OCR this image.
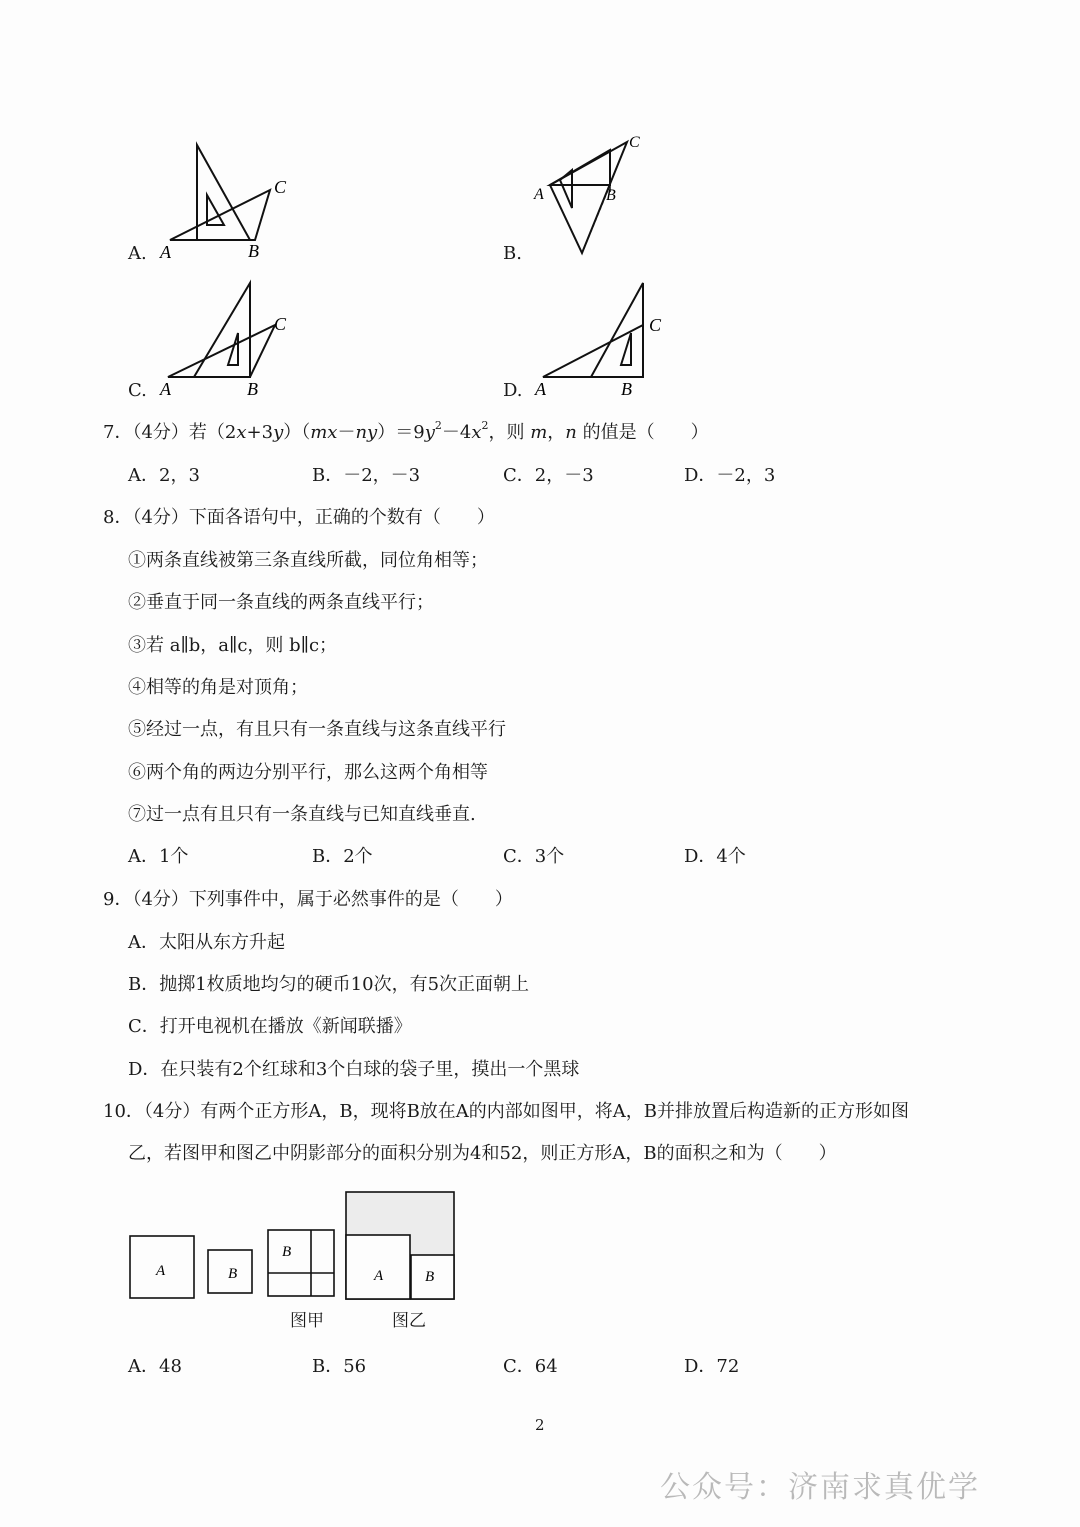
A. A	B
C
B.
A	B
C
C. A	B
C
D. A	B
C
7．（4分）若$(2x+3y)(mx-ny)=9y^2-4x^2$，则 m，n 的值是（　　）
A．2，3	B．－2，－3	C．2，－3	D．－2，3
8．（4分）下面各语句中，正确的个数有（　　）
①两条直线被第三条直线所截，同位角相等；
②垂直于同一条直线的两条直线平行；
③若 a∥b，a∥c，则 b∥c；
④相等的角是对顶角；
⑤经过一点，有且只有一条直线与这条直线平行
⑥两个角的两边分别平行，那么这两个角相等
⑦过一点有且只有一条直线与已知直线垂直.
A．1个	B．2个	C．3个	D．4个
9．（4分）下列事件中，属于必然事件的是（　　）
A．太阳从东方升起
B．抛掷1枚质地均匀的硬币10次，有5次正面朝上
C．打开电视机在播放《新闻联播》
D．在只装有2个红球和3个白球的袋子里，摸出一个黑球
10．（4分）有两个正方形A，B，现将B放在A的内部如图甲，将A，B并排放置后构造新的正方形如图
乙，若图甲和图乙中阴影部分的面积分别为4和52，则正方形A，B的面积之和为（　　）
A	B
B
A	B
图甲	图乙
A．48	B．56	C．64	D．72
2
公众号：济南求真优学
